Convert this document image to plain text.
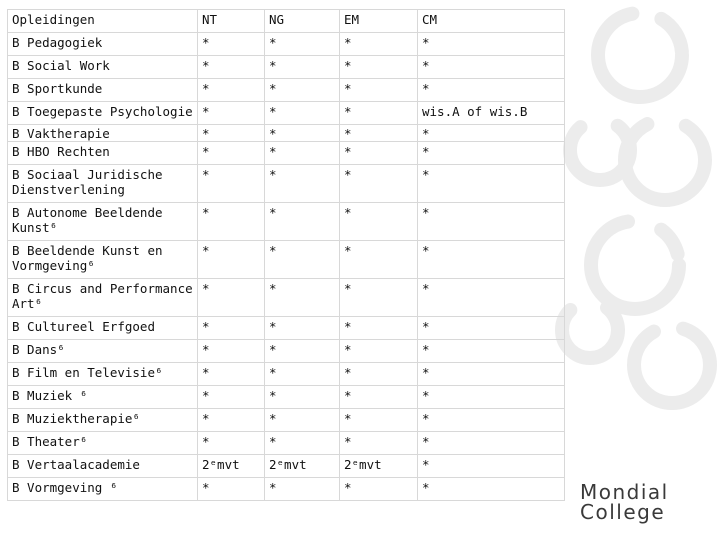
Opleidingen	NT	NG	EM	CM
B Pedagogiek	*	*	*	*
B Social Work	*	*	*	*
B Sportkunde	*	*	*	*
B Toegepaste Psychologie	*	*	*	wis.A of wis.B
B Vaktherapie	*	*	*	*
B HBO Rechten	*	*	*	*
B Sociaal Juridische Dienstverlening	*	*	*	*
B Autonome Beeldende Kunst⁶	*	*	*	*
B Beeldende Kunst en Vormgeving⁶	*	*	*	*
B Circus and Performance Art⁶	*	*	*	*
B Cultureel Erfgoed	*	*	*	*
B Dans⁶	*	*	*	*
B Film en Televisie⁶	*	*	*	*
B Muziek ⁶	*	*	*	*
B Muziektherapie⁶	*	*	*	*
B Theater⁶	*	*	*	*
B Vertaalacademie	2ᵉmvt	2ᵉmvt	2ᵉmvt	*
B Vormgeving ⁶	*	*	*	*	Mondial
College
